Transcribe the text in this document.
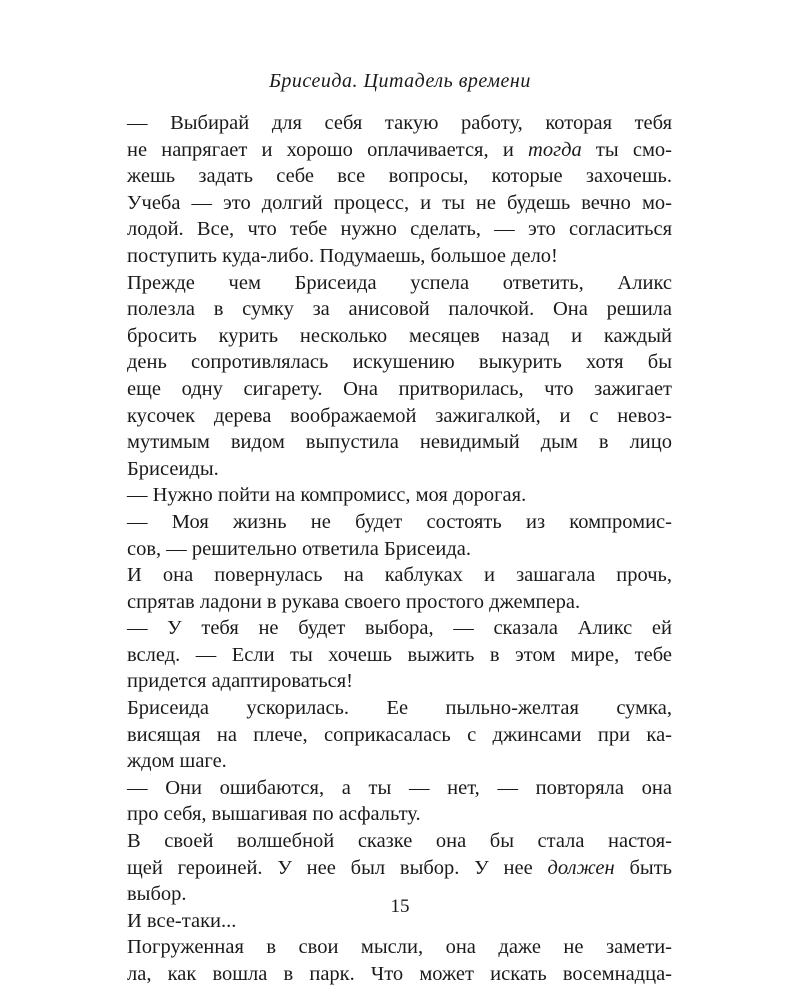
Брисеида. Цитадель времени
— Выбирай для себя такую работу, которая тебя
не напрягает и хорошо оплачивается, и тогда ты смо-
жешь задать себе все вопросы, которые захочешь.
Учеба — это долгий процесс, и ты не будешь вечно мо-
лодой. Все, что тебе нужно сделать, — это согласиться
поступить куда-либо. Подумаешь, большое дело!
Прежде чем Брисеида успела ответить, Аликс
полезла в сумку за анисовой палочкой. Она решила
бросить курить несколько месяцев назад и каждый
день сопротивлялась искушению выкурить хотя бы
еще одну сигарету. Она притворилась, что зажигает
кусочек дерева воображаемой зажигалкой, и с невоз-
мутимым видом выпустила невидимый дым в лицо
Брисеиды.
— Нужно пойти на компромисс, моя дорогая.
— Моя жизнь не будет состоять из компромис-
сов, — решительно ответила Брисеида.
И она повернулась на каблуках и зашагала прочь,
спрятав ладони в рукава своего простого джемпера.
— У тебя не будет выбора, — сказала Аликс ей
вслед. — Если ты хочешь выжить в этом мире, тебе
придется адаптироваться!
Брисеида ускорилась. Ее пыльно-желтая сумка,
висящая на плече, соприкасалась с джинсами при ка-
ждом шаге.
— Они ошибаются, а ты — нет, — повторяла она
про себя, вышагивая по асфальту.
В своей волшебной сказке она бы стала настоя-
щей героиней. У нее был выбор. У нее должен быть
выбор.
И все-таки...
Погруженная в свои мысли, она даже не замети-
ла, как вошла в парк. Что может искать восемнадца-
15
